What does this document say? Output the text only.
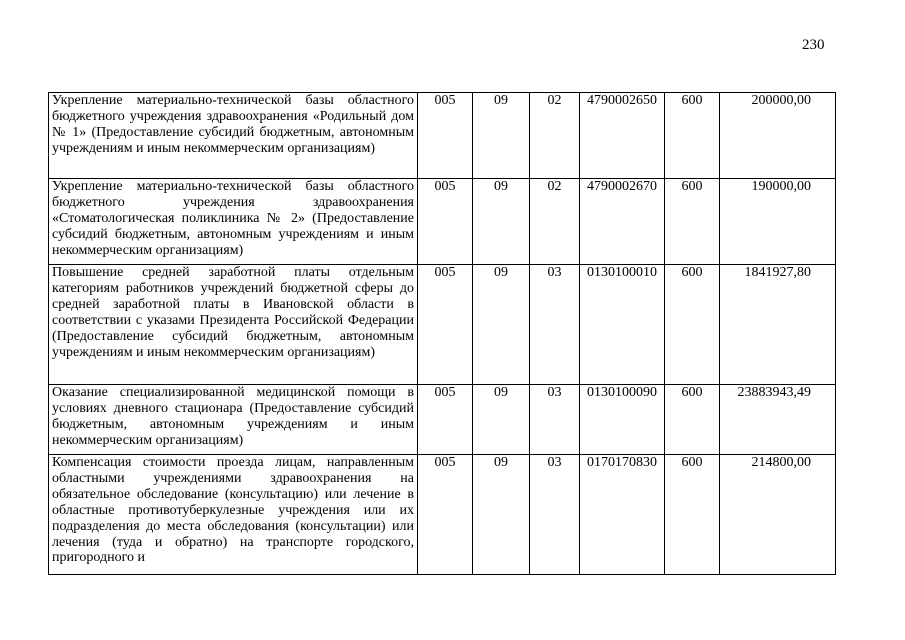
230
Укрепление материально-технической базы областного бюджетного учреждения здравоохранения «Родильный дом № 1» (Предоставление субсидий бюджетным, автономным учреждениям и иным некоммерческим организациям)	005	09	02	4790002650	600	200000,00
Укрепление материально-технической базы областного бюджетного учреждения здравоохранения «Стоматологическая поликлиника № 2» (Предоставление субсидий бюджетным, автономным учреждениям и иным некоммерческим организациям)	005	09	02	4790002670	600	190000,00
Повышение средней заработной платы отдельным категориям работников учреждений бюджетной сферы до средней заработной платы в Ивановской области в соответствии с указами Президента Российской Федерации (Предоставление субсидий бюджетным, автономным учреждениям и иным некоммерческим организациям)	005	09	03	0130100010	600	1841927,80
Оказание специализированной медицинской помощи в условиях дневного стационара (Предоставление субсидий бюджетным, автономным учреждениям и иным некоммерческим организациям)	005	09	03	0130100090	600	23883943,49
Компенсация стоимости проезда лицам, направленным областными учреждениями здравоохранения на обязательное обследование (консультацию) или лечение в областные противотуберкулезные учреждения или их подразделения до места обследования (консультации) или лечения (туда и обратно) на транспорте городского, пригородного и	005	09	03	0170170830	600	214800,00
